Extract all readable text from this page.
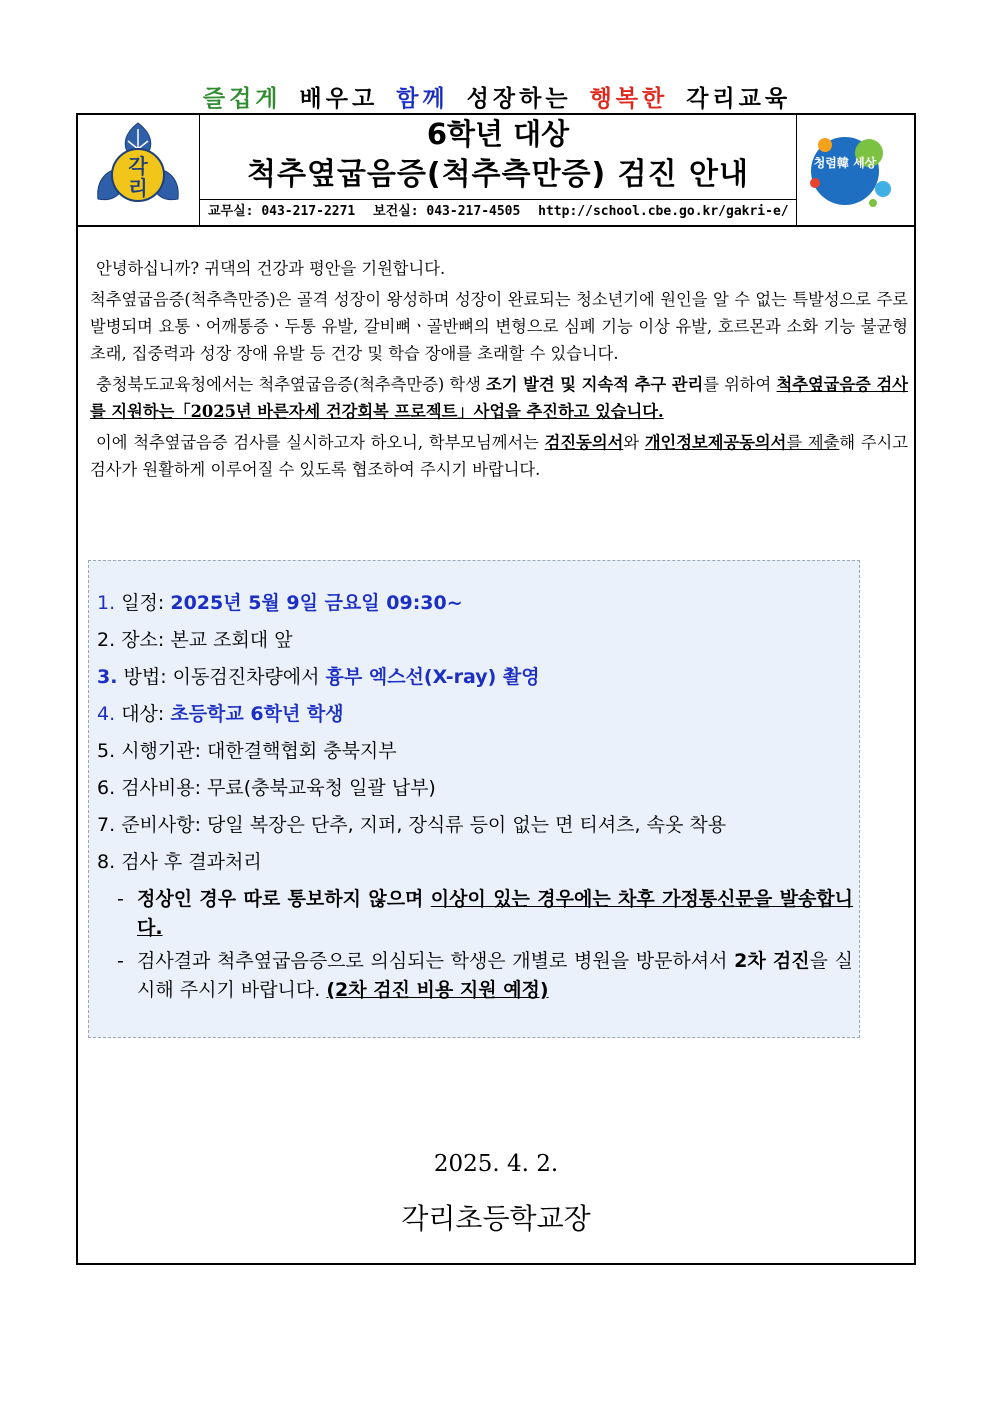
즐겁게 배우고 함께 성장하는 행복한 각리교육
각
리
6학년 대상
척추옆굽음증(척추측만증) 검진 안내
교무실: 043-217-2271 보건실: 043-217-4505 http://school.cbe.go.kr/gakri-e/
청렴韓 세상

안녕하십니까? 귀댁의 건강과 평안을 기원합니다.

척추옆굽음증(척추측만증)은 골격 성장이 왕성하며 성장이 완료되는 청소년기에 원인을 알 수 없는 특발성으로 주로 발병되며 요통ㆍ어깨통증ㆍ두통 유발, 갈비뼈ㆍ골반뼈의 변형으로 심폐 기능 이상 유발, 호르몬과 소화 기능 불균형 초래, 집중력과 성장 장애 유발 등 건강 및 학습 장애를 초래할 수 있습니다.

충청북도교육청에서는 척추옆굽음증(척추측만증) 학생 조기 발견 및 지속적 추구 관리를 위하여 척추옆굽음증 검사를 지원하는「2025년 바른자세 건강회복 프로젝트」사업을 추진하고 있습니다.

이에 척추옆굽음증 검사를 실시하고자 하오니, 학부모님께서는 검진동의서와 개인정보제공동의서를 제출해 주시고 검사가 원활하게 이루어질 수 있도록 협조하여 주시기 바랍니다.

1. 일정: 2025년 5월 9일 금요일 09:30~
2. 장소: 본교 조회대 앞
3. 방법: 이동검진차량에서 흉부 엑스선(X-ray) 촬영
4. 대상: 초등학교 6학년 학생
5. 시행기관: 대한결핵협회 충북지부
6. 검사비용: 무료(충북교육청 일괄 납부)
7. 준비사항: 당일 복장은 단추, 지퍼, 장식류 등이 없는 면 티셔츠, 속옷 착용
8. 검사 후 결과처리
- 정상인 경우 따로 통보하지 않으며 이상이 있는 경우에는 차후 가정통신문을 발송합니다.
- 검사결과 척추옆굽음증으로 의심되는 학생은 개별로 병원을 방문하셔서 2차 검진을 실시해 주시기 바랍니다. (2차 검진 비용 지원 예정)
2025. 4. 2.
각리초등학교장
